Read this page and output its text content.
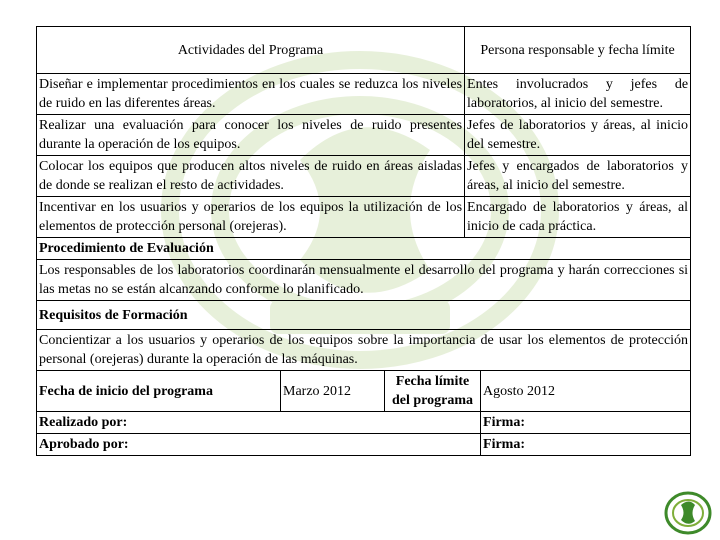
Actividades del Programa			Persona responsable y fecha límite	
Diseñar e implementar procedimientos en los cuales se reduzca los niveles de ruido en las diferentes áreas.			Entes involucrados y jefes de laboratorios, al inicio del semestre.	
Realizar una evaluación para conocer los niveles de ruido presentes durante la operación de los equipos.			Jefes de laboratorios y áreas, al inicio del semestre.	
Colocar los equipos que producen altos niveles de ruido en áreas aisladas de donde se realizan el resto de actividades.			Jefes y encargados de laboratorios y áreas, al inicio del semestre.	
Incentivar en los usuarios y operarios de los equipos la utilización de los elementos de protección personal (orejeras).			Encargado de laboratorios y áreas, al inicio de cada práctica.	
Procedimiento de Evaluación				
Los responsables de los laboratorios coordinarán mensualmente el desarrollo del programa y harán correcciones si las metas no se están alcanzando conforme lo planificado.				
Requisitos de Formación				
Concientizar a los usuarios y operarios de los equipos sobre la importancia de usar los elementos de protección personal (orejeras) durante la operación de las máquinas.				
Fecha de inicio del programa	Marzo 2012	Fecha límite del programa		Agosto 2012
Realizado por:				Firma:
Aprobado por:				Firma:
